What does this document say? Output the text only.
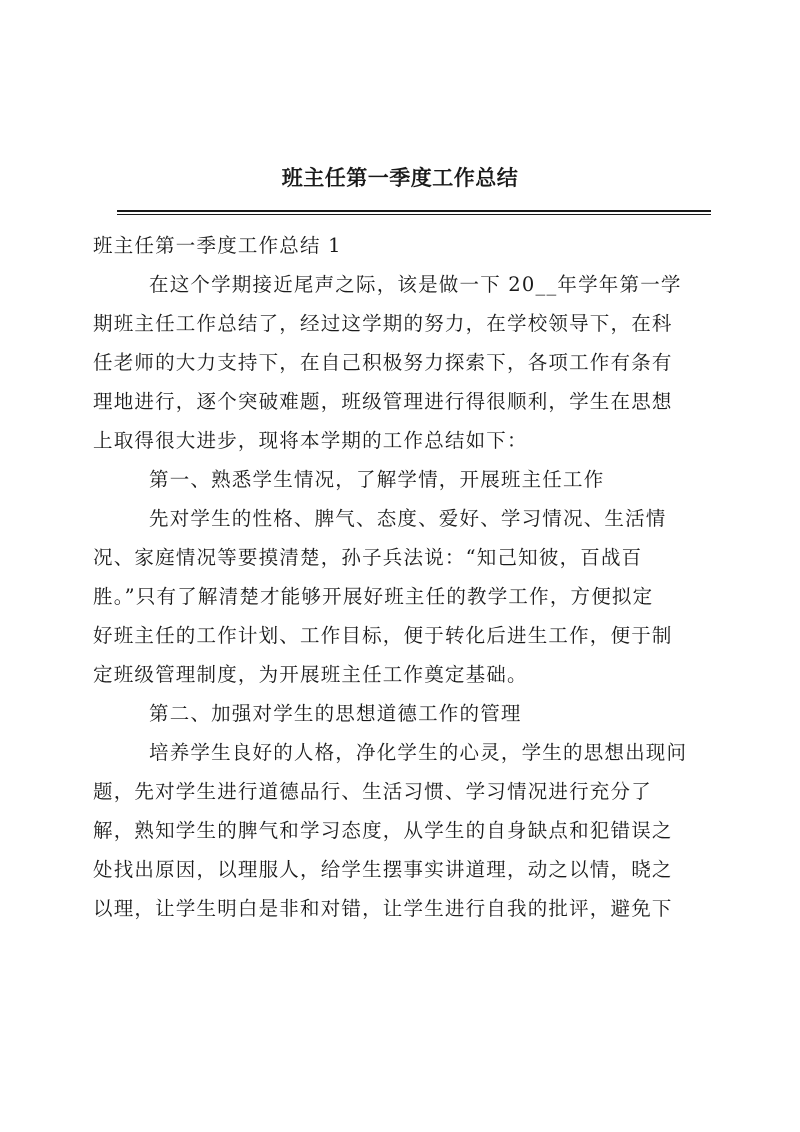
班主任第一季度工作总结

班主任第一季度工作总结 1

在这个学期接近尾声之际，该是做一下 20__年学年第一学
期班主任工作总结了，经过这学期的努力，在学校领导下，在科
任老师的大力支持下，在自己积极努力探索下，各项工作有条有
理地进行，逐个突破难题，班级管理进行得很顺利，学生在思想
上取得很大进步，现将本学期的工作总结如下：

第一、熟悉学生情况，了解学情，开展班主任工作

先对学生的性格、脾气、态度、爱好、学习情况、生活情
况、家庭情况等要摸清楚，孙子兵法说：“知己知彼，百战百
胜。”只有了解清楚才能够开展好班主任的教学工作，方便拟定
好班主任的工作计划、工作目标，便于转化后进生工作，便于制
定班级管理制度，为开展班主任工作奠定基础。

第二、加强对学生的思想道德工作的管理

培养学生良好的人格，净化学生的心灵，学生的思想出现问
题，先对学生进行道德品行、生活习惯、学习情况进行充分了
解，熟知学生的脾气和学习态度，从学生的自身缺点和犯错误之
处找出原因，以理服人，给学生摆事实讲道理，动之以情，晓之
以理，让学生明白是非和对错，让学生进行自我的批评，避免下
